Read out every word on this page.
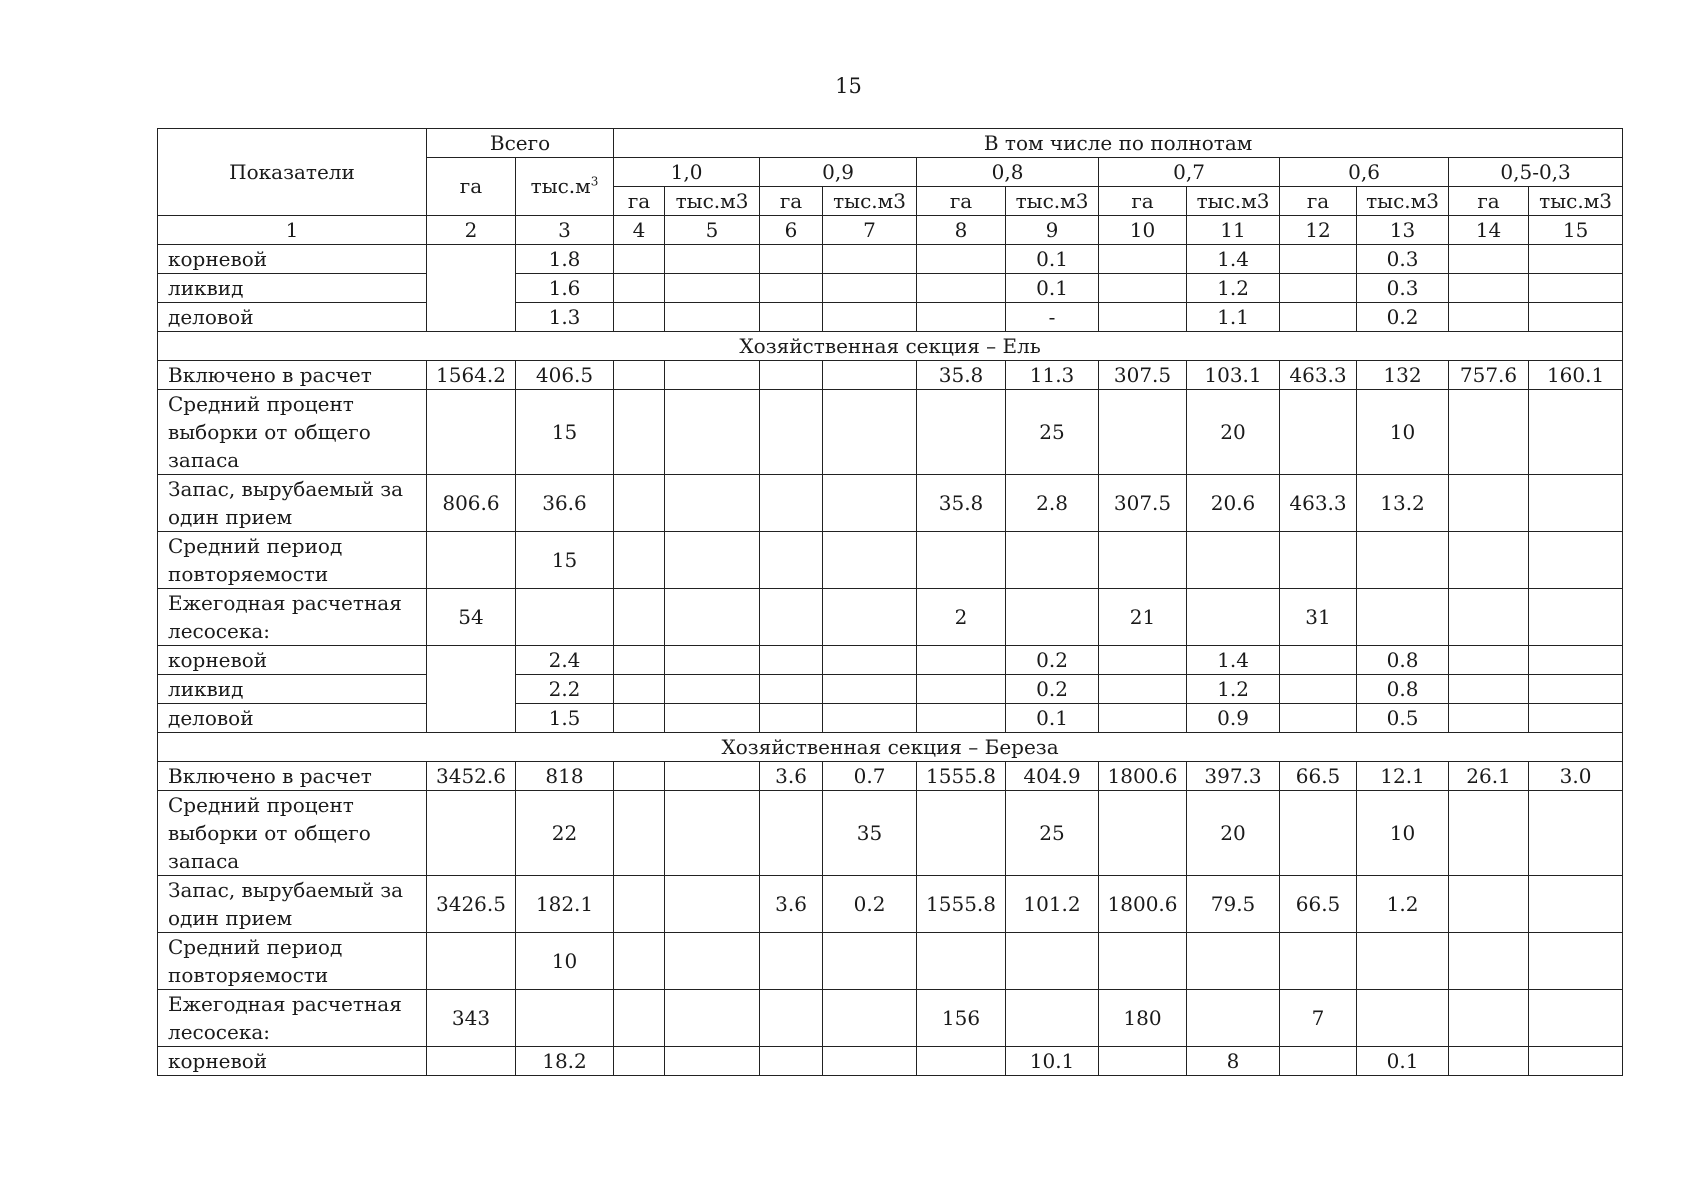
15
Показатели	Всего		В том числе по полнотам											
	га	$тыс.м^3$	1,0		0,9		0,8		0,7		0,6		0,5-0,3	
			га	тыс.м3	га	тыс.м3	га	тыс.м3	га	тыс.м3	га	тыс.м3	га	тыс.м3
1	2	3	4	5	6	7	8	9	10	11	12	13	14	15
корневой		1.8						0.1		1.4		0.3		
ликвид		1.6						0.1		1.2		0.3		
деловой		1.3						-		1.1		0.2		
Хозяйственная секция – Ель														
Включено в расчет	1564.2	406.5					35.8	11.3	307.5	103.1	463.3	132	757.6	160.1
Средний процент выборки от общего запаса		15						25		20		10		
Запас, вырубаемый за один прием	806.6	36.6					35.8	2.8	307.5	20.6	463.3	13.2		
Средний период повторяемости		15												
Ежегодная расчетная лесосека:	54						2		21		31			
корневой		2.4						0.2		1.4		0.8		
ликвид		2.2						0.2		1.2		0.8		
деловой		1.5						0.1		0.9		0.5		
Хозяйственная секция – Береза														
Включено в расчет	3452.6	818			3.6	0.7	1555.8	404.9	1800.6	397.3	66.5	12.1	26.1	3.0
Средний процент выборки от общего запаса		22				35		25		20		10		
Запас, вырубаемый за один прием	3426.5	182.1			3.6	0.2	1555.8	101.2	1800.6	79.5	66.5	1.2		
Средний период повторяемости		10												
Ежегодная расчетная лесосека:	343						156		180		7			
корневой		18.2						10.1		8		0.1		
